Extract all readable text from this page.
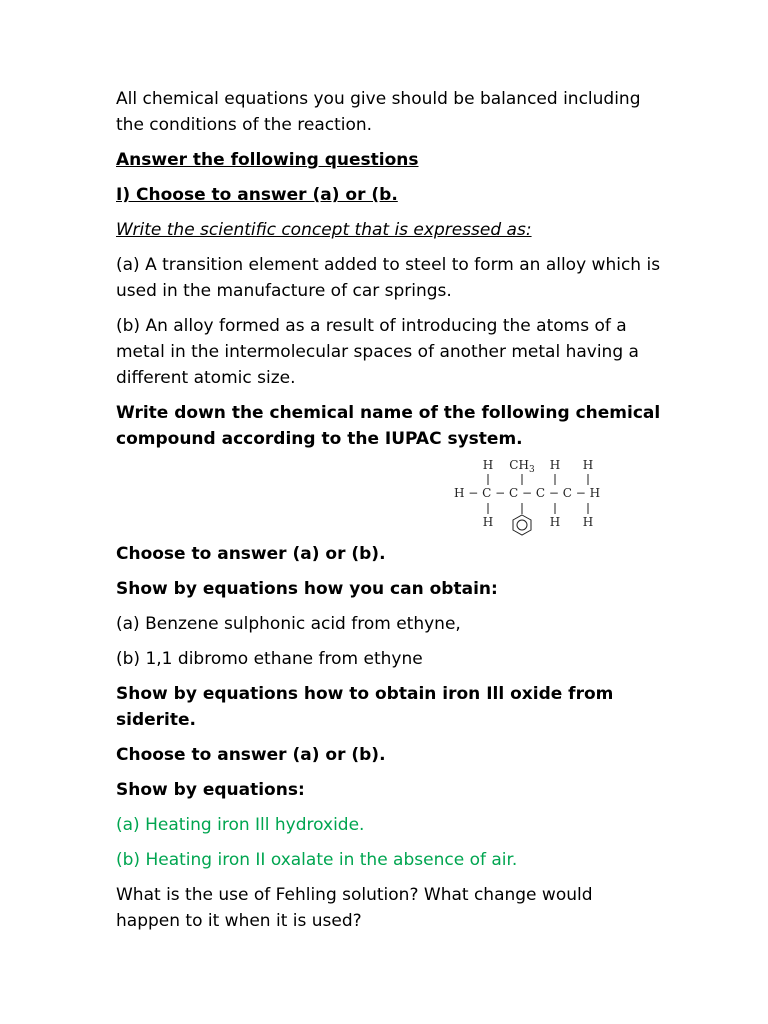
All chemical equations you give should be balanced including the conditions of the reaction.

Answer the following questions

I) Choose to answer (a) or (b.

Write the scientific concept that is expressed as:

(a) A transition element added to steel to form an alloy which is used in the manufacture of car springs.

(b) An alloy formed as a result of introducing the atoms of a metal in the intermolecular spaces of another metal having a different atomic size.

Write down the chemical name of the following chemical compound according to the IUPAC system.

H $CH_3$ H H
H − C − C − C − C − H
H	H H

Choose to answer (a) or (b).

Show by equations how you can obtain:

(a) Benzene sulphonic acid from ethyne,

(b) 1,1 dibromo ethane from ethyne

Show by equations how to obtain iron Ill oxide from siderite.

Choose to answer (a) or (b).

Show by equations:

(a) Heating iron Ill hydroxide.

(b) Heating iron II oxalate in the absence of air.

What is the use of Fehling solution? What change would happen to it when it is used?
